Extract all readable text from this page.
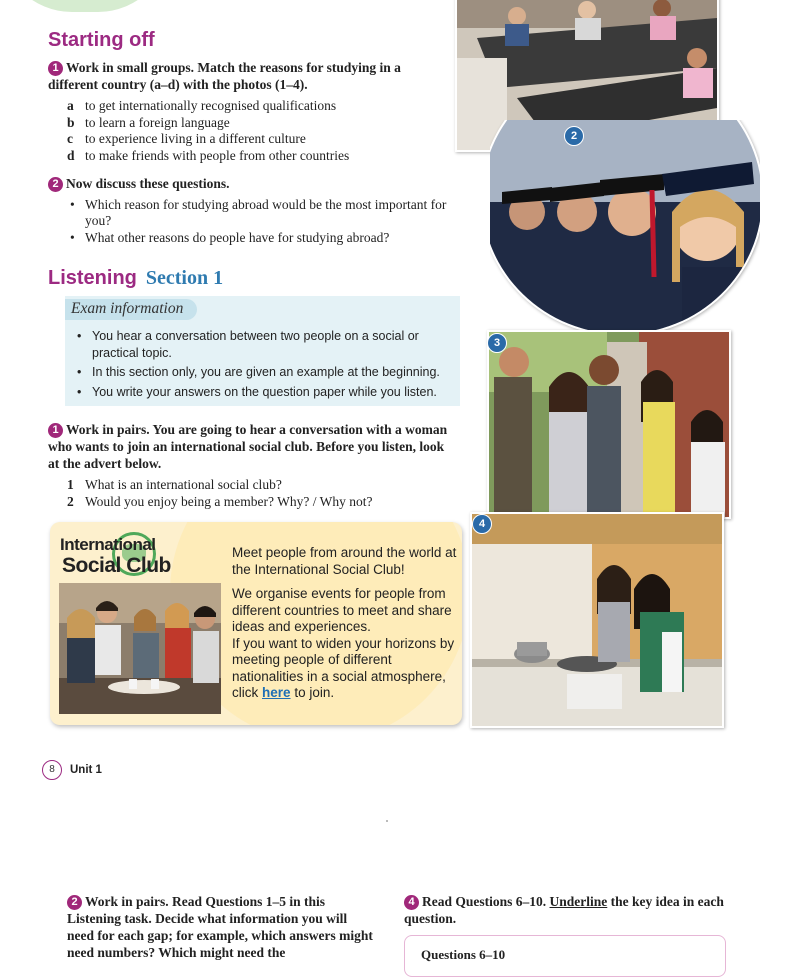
Starting off
1 Work in small groups. Match the reasons for studying in a different country (a–d) with the photos (1–4).
a to get internationally recognised qualifications
b to learn a foreign language
c to experience living in a different culture
d to make friends with people from other countries
2 Now discuss these questions.
• Which reason for studying abroad would be the most important for you?
• What other reasons do people have for studying abroad?
Listening Section 1
Exam information
• You hear a conversation between two people on a social or practical topic.
• In this section only, you are given an example at the beginning.
• You write your answers on the question paper while you listen.
1 Work in pairs. You are going to hear a conversation with a woman who wants to join an international social club. Before you listen, look at the advert below.
1 What is an international social club?
2 Would you enjoy being a member? Why? / Why not?
International
Social Club
Meet people from around the world at the International Social Club!
We organise events for people from different countries to meet and share ideas and experiences.
If you want to widen your horizons by meeting people of different nationalities in a social atmosphere, click here to join.
2
3
4
8 Unit 1
2 Work in pairs. Read Questions 1–5 in this Listening task. Decide what information you will need for each gap; for example, which answers might need numbers? Which might need the
4 Read Questions 6–10. Underline the key idea in each question.
Questions 6–10
